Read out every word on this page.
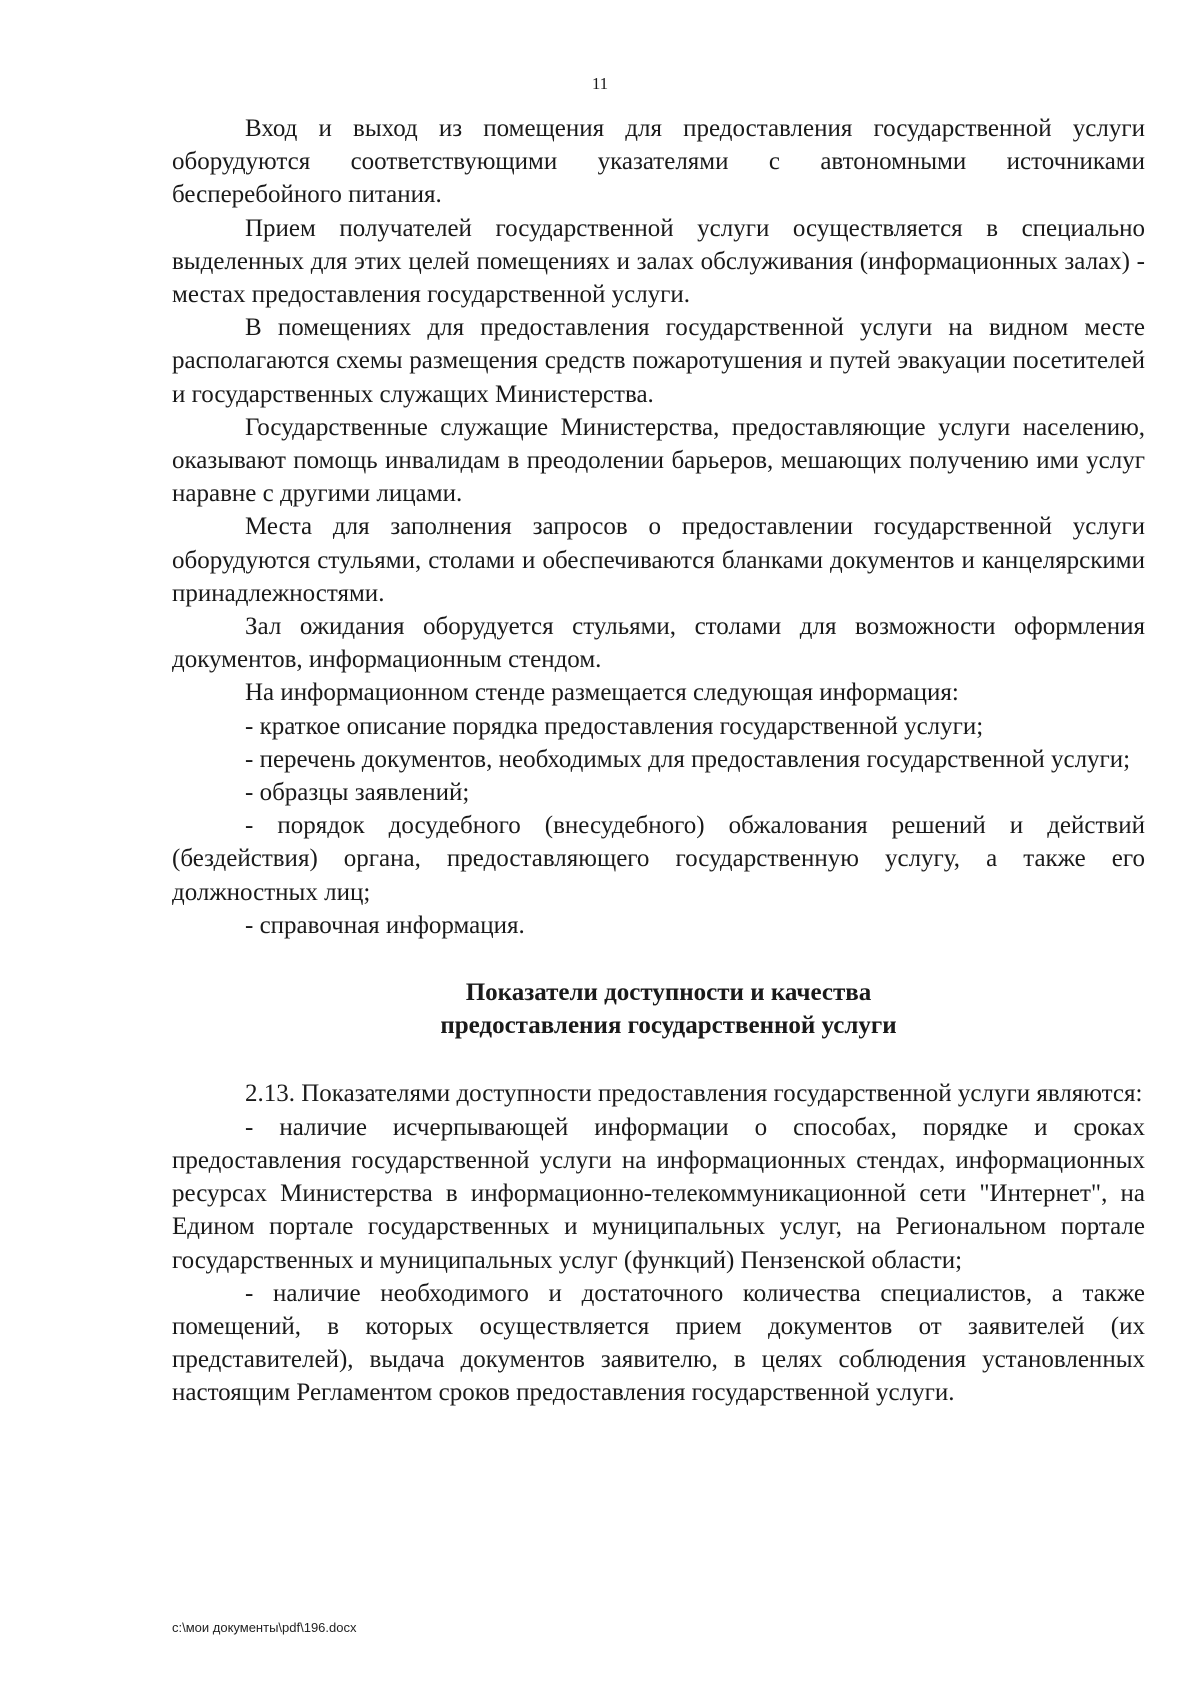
11

Вход и выход из помещения для предоставления государственной услуги оборудуются соответствующими указателями с автономными источниками бесперебойного питания.

Прием получателей государственной услуги осуществляется в специально выделенных для этих целей помещениях и залах обслуживания (информационных залах) - местах предоставления государственной услуги.

В помещениях для предоставления государственной услуги на видном месте располагаются схемы размещения средств пожаротушения и путей эвакуации посетителей и государственных служащих Министерства.

Государственные служащие Министерства, предоставляющие услуги населению, оказывают помощь инвалидам в преодолении барьеров, мешающих получению ими услуг наравне с другими лицами.

Места для заполнения запросов о предоставлении государственной услуги оборудуются стульями, столами и обеспечиваются бланками документов и канцелярскими принадлежностями.

Зал ожидания оборудуется стульями, столами для возможности оформления документов, информационным стендом.

На информационном стенде размещается следующая информация:

- краткое описание порядка предоставления государственной услуги;

- перечень документов, необходимых для предоставления государственной услуги;

- образцы заявлений;

- порядок досудебного (внесудебного) обжалования решений и действий (бездействия) органа, предоставляющего государственную услугу, а также его должностных лиц;

- справочная информация.

Показатели доступности и качества
предоставления государственной услуги

2.13. Показателями доступности предоставления государственной услуги являются:

- наличие исчерпывающей информации о способах, порядке и сроках предоставления государственной услуги на информационных стендах, информационных ресурсах Министерства в информационно-телекоммуникационной сети "Интернет", на Едином портале государственных и муниципальных услуг, на Региональном портале государственных и муниципальных услуг (функций) Пензенской области;

- наличие необходимого и достаточного количества специалистов, а также помещений, в которых осуществляется прием документов от заявителей (их представителей), выдача документов заявителю, в целях соблюдения установленных настоящим Регламентом сроков предоставления государственной услуги.

c:\мои документы\pdf\196.docx
